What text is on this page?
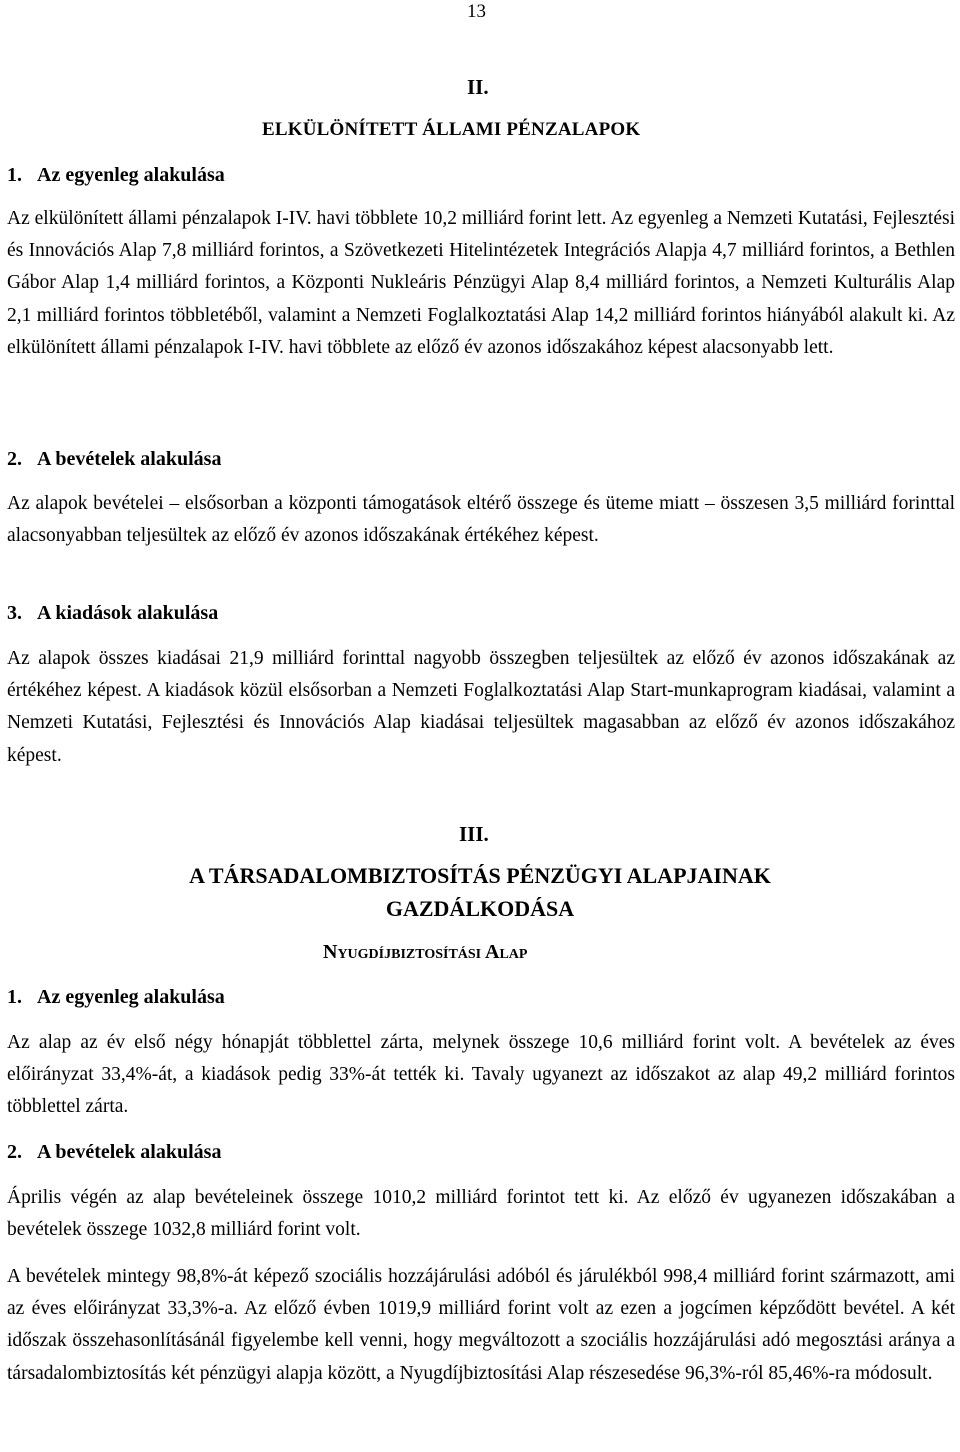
13
II.
ELKÜLÖNÍTETT ÁLLAMI PÉNZALAPOK
1.   Az egyenleg alakulása

Az elkülönített állami pénzalapok I-IV. havi többlete 10,2 milliárd forint lett. Az egyenleg a Nemzeti Kutatási, Fejlesztési és Innovációs Alap 7,8 milliárd forintos, a Szövetkezeti Hitelintézetek Integrációs Alapja 4,7 milliárd forintos, a Bethlen Gábor Alap 1,4 milliárd forintos, a Központi Nukleáris Pénzügyi Alap 8,4 milliárd forintos, a Nemzeti Kulturális Alap 2,1 milliárd forintos többletéből, valamint a Nemzeti Foglalkoztatási Alap 14,2 milliárd forintos hiányából alakult ki. Az elkülönített állami pénzalapok I-IV. havi többlete az előző év azonos időszakához képest alacsonyabb lett.

2.   A bevételek alakulása

Az alapok bevételei – elsősorban a központi támogatások eltérő összege és üteme miatt – összesen 3,5 milliárd forinttal alacsonyabban teljesültek az előző év azonos időszakának értékéhez képest.

3.   A kiadások alakulása

Az alapok összes kiadásai 21,9 milliárd forinttal nagyobb összegben teljesültek az előző év azonos időszakának az értékéhez képest. A kiadások közül elsősorban a Nemzeti Foglalkoztatási Alap Start-munkaprogram kiadásai, valamint a Nemzeti Kutatási, Fejlesztési és Innovációs Alap kiadásai teljesültek magasabban az előző év azonos időszakához képest.

III.
A TÁRSADALOMBIZTOSÍTÁS PÉNZÜGYI ALAPJAINAK
GAZDÁLKODÁSA
Nyugdíjbiztosítási Alap
1.   Az egyenleg alakulása

Az alap az év első négy hónapját többlettel zárta, melynek összege 10,6 milliárd forint volt. A bevételek az éves előirányzat 33,4%-át, a kiadások pedig 33%-át tették ki. Tavaly ugyanezt az időszakot az alap 49,2 milliárd forintos többlettel zárta.

2.   A bevételek alakulása

Április végén az alap bevételeinek összege 1010,2 milliárd forintot tett ki. Az előző év ugyanezen időszakában a bevételek összege 1032,8 milliárd forint volt.

A bevételek mintegy 98,8%-át képező szociális hozzájárulási adóból és járulékból 998,4 milliárd forint származott, ami az éves előirányzat 33,3%-a. Az előző évben 1019,9 milliárd forint volt az ezen a jogcímen képződött bevétel. A két időszak összehasonlításánál figyelembe kell venni, hogy megváltozott a szociális hozzájárulási adó megosztási aránya a társadalombiztosítás két pénzügyi alapja között, a Nyugdíjbiztosítási Alap részesedése 96,3%-ról 85,46%-ra módosult.
